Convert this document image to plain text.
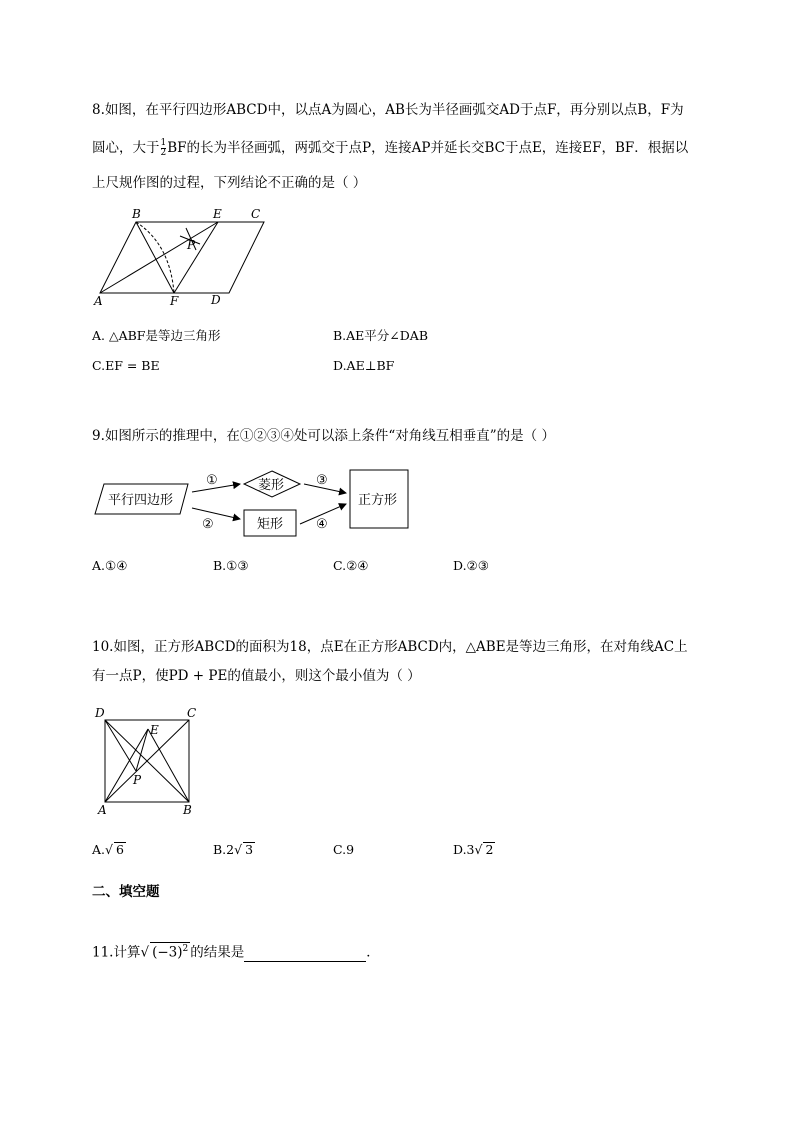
8.如图，在平行四边形ABCD中，以点A为圆心，AB长为半径画弧交AD于点F，再分别以点B，F为
圆心，大于 $\frac{1}{2}$ BF的长为半径画弧，两弧交于点P，连接AP并延长交BC于点E，连接EF，BF．根据以
上尺规作图的过程，下列结论不正确的是（ ）
B	E C
P
A	F	D
A. △ABF是等边三角形	B.AE平分∠DAB
C.EF = BE	D.AE⊥BF
9.如图所示的推理中，在①②③④处可以添上条件“对角线互相垂直”的是（ ）
平行四边形
菱形
矩形
正方形
①
②
③
④
A.①④	B.①③	C.②④	D.②③
10.如图，正方形ABCD的面积为18，点E在正方形ABCD内，△ABE是等边三角形，在对角线AC上
有一点P，使PD + PE的值最小，则这个最小值为（ ）
D	C
E
P
A	B
A.√ 6	B.2√ 3	C.9	D.3√ 2
二、填空题
11.计算√ $(-3)^2$ 的结果是	．
